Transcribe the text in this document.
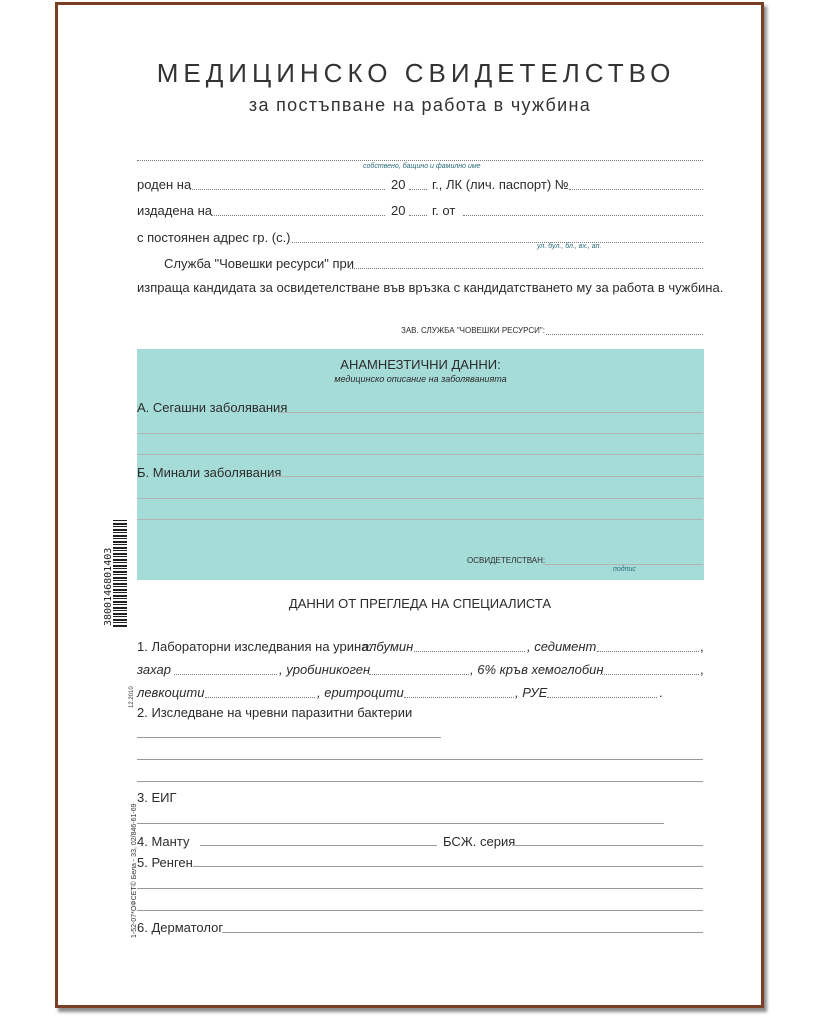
МЕДИЦИНСКО СВИДЕТЕЛСТВО
за постъпване на работа в чужбина
собствено, бащино и фамилно име
роден на	20 г., ЛК (лич. паспорт) №
издадена на	20 г. от
с постоянен адрес гр. (с.)
ул. бул., бл., вх., ап.
Служба "Човешки ресурси" при
изпраща кандидата за освидетелстване във връзка с кандидатстването му за работа в чужбина.
ЗАВ. СЛУЖБА "ЧОВЕШКИ РЕСУРСИ":
АНАМНЕЗТИЧНИ ДАННИ:
медицинско описание на заболяванията
А. Сегашни заболявания
Б. Минали заболявания
ОСВИДЕТЕЛСТВАН:
подпис
ДАННИ ОТ ПРЕГЛЕДА НА СПЕЦИАЛИСТА
1. Лабораторни изследвания на урина:
албумин	, седимент	,
захар	, уробиникоген	, 6% кръв хемоглобин	,
левкоцити	, еритроцити	, РУЕ	.
2. Изследване на чревни паразитни бактерии
3. ЕИГ
4. Манту	БСЖ. серия
5. Ренген
6. Дерматолог
3800146801403
12.2010
1-52-07*ОФСЕТ© Бела - 33, 02/846-61-69
